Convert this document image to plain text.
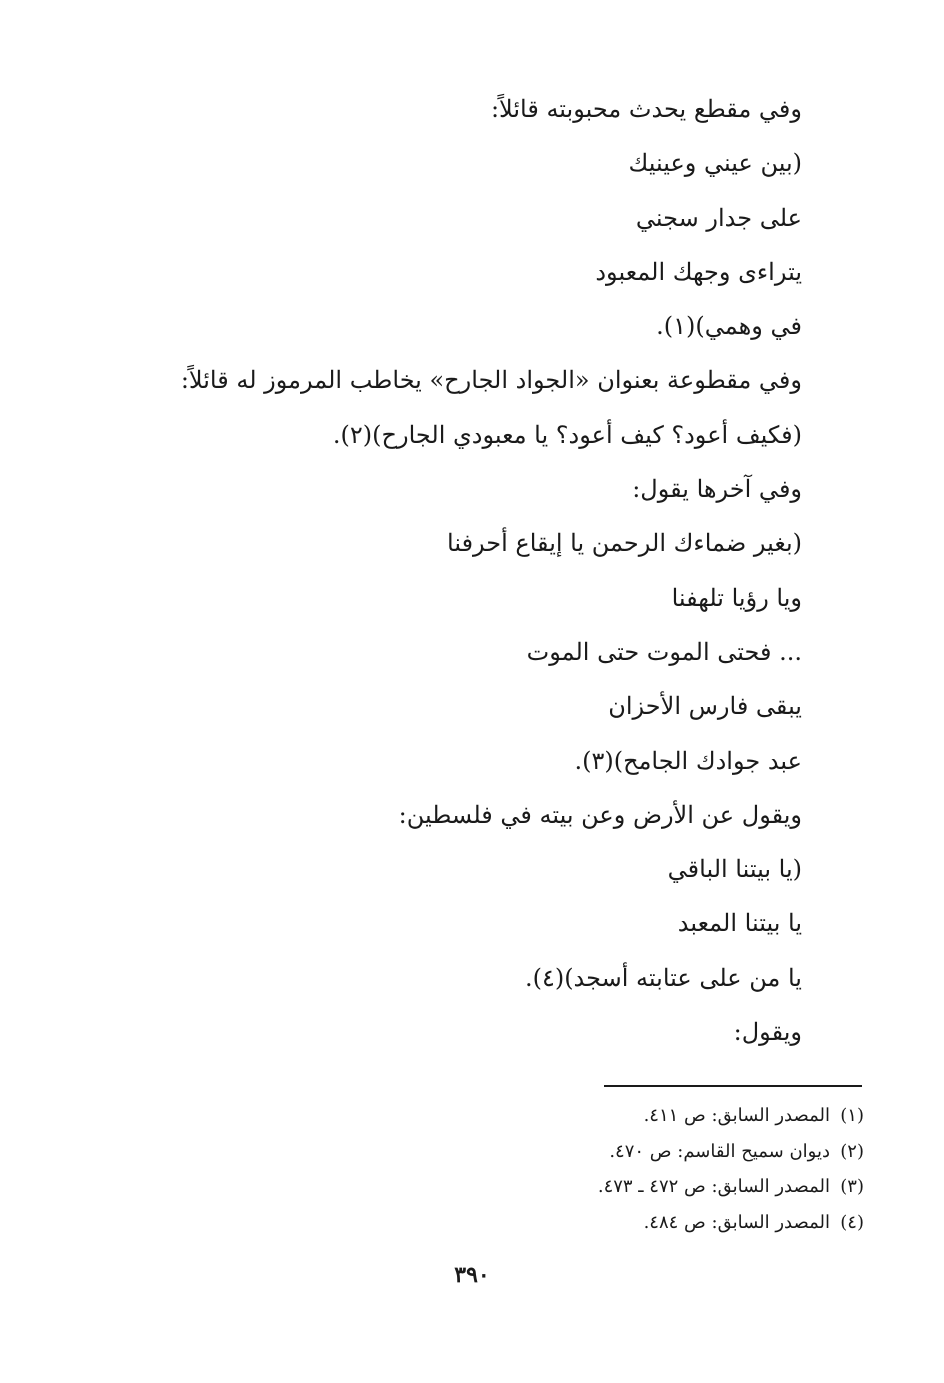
وفي مقطع يحدث محبوبته قائلاً:
(بين عيني وعينيك
على جدار سجني
يتراءى وجهك المعبود
في وهمي)(١).
وفي مقطوعة بعنوان «الجواد الجارح» يخاطب المرموز له قائلاً:
(فكيف أعود؟ كيف أعود؟ يا معبودي الجارح)(٢).
وفي آخرها يقول:
(بغير ضماءك الرحمن يا إيقاع أحرفنا
ويا رؤيا تلهفنا
... فحتى الموت حتى الموت
يبقى فارس الأحزان
عبد جوادك الجامح)(٣).
ويقول عن الأرض وعن بيته في فلسطين:
(يا بيتنا الباقي
يا بيتنا المعبد
يا من على عتابته أسجد)(٤).
ويقول:
(١)المصدر السابق: ص ٤١١.
(٢)ديوان سميح القاسم: ص ٤٧٠.
(٣)المصدر السابق: ص ٤٧٢ ـ ٤٧٣.
(٤)المصدر السابق: ص ٤٨٤.
٣٩٠
